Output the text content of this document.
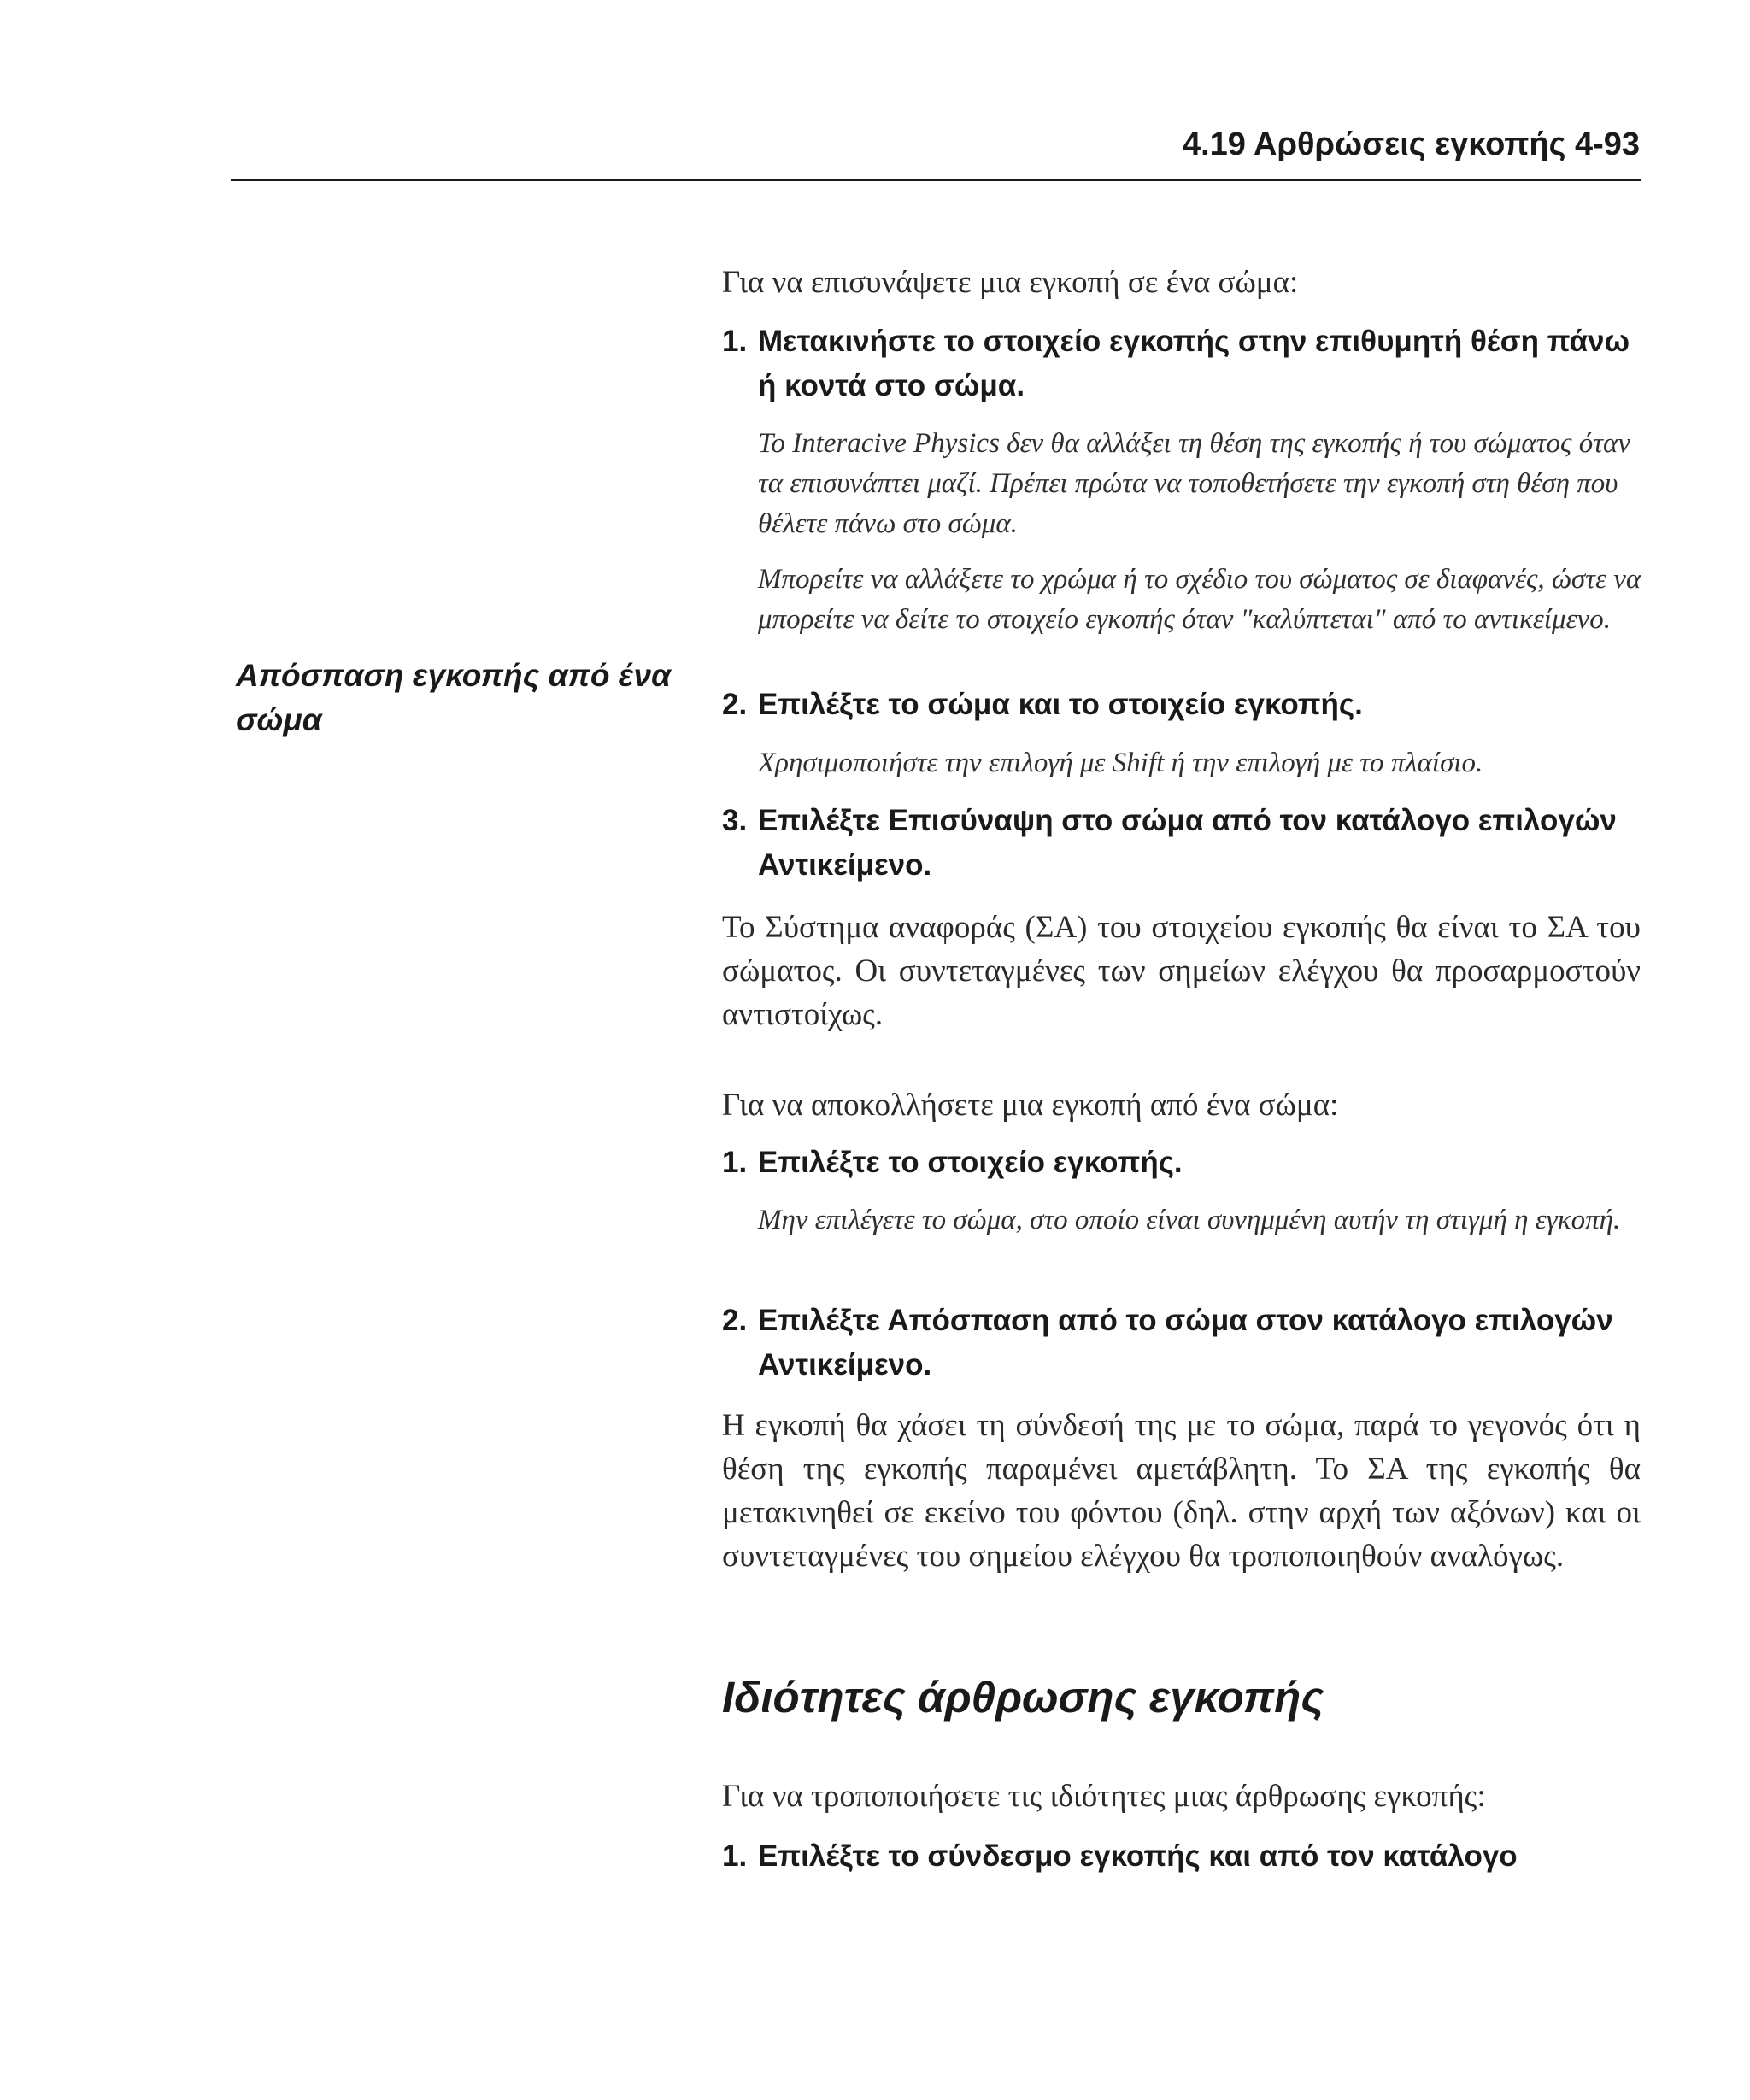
4.19 Αρθρώσεις εγκοπής 4-93

Απόσπαση εγκοπής από ένα σώμα

Για να επισυνάψετε μια εγκοπή σε ένα σώμα:

1. Μετακινήστε το στοιχείο εγκοπής στην επιθυμητή θέση πάνω ή κοντά στο σώμα.

Το Interacive Physics δεν θα αλλάξει τη θέση της εγκοπής ή του σώματος όταν τα επισυνάπτει μαζί. Πρέπει πρώτα να τοποθετήσετε την εγκοπή στη θέση που θέλετε πάνω στο σώμα.

Μπορείτε να αλλάξετε το χρώμα ή το σχέδιο του σώματος σε διαφανές, ώστε να μπορείτε να δείτε το στοιχείο εγκοπής όταν "καλύπτεται" από το αντικείμενο.

2. Επιλέξτε το σώμα και το στοιχείο εγκοπής.

Χρησιμοποιήστε την επιλογή με Shift ή την επιλογή με το πλαίσιο.

3. Επιλέξτε Επισύναψη στο σώμα από τον κατάλογο επιλογών Αντικείμενο.

Το Σύστημα αναφοράς (ΣΑ) του στοιχείου εγκοπής θα είναι το ΣΑ του σώματος. Οι συντεταγμένες των σημείων ελέγχου θα προσαρμοστούν αντιστοίχως.

Για να αποκολλήσετε μια εγκοπή από ένα σώμα:

1. Επιλέξτε το στοιχείο εγκοπής.

Μην επιλέγετε το σώμα, στο οποίο είναι συνημμένη αυτήν τη στιγμή η εγκοπή.

2. Επιλέξτε Απόσπαση από το σώμα στον κατάλογο επιλογών Αντικείμενο.

Η εγκοπή θα χάσει τη σύνδεσή της με το σώμα, παρά το γεγονός ότι η θέση της εγκοπής παραμένει αμετάβλητη. Το ΣΑ της εγκοπής θα μετακινηθεί σε εκείνο του φόντου (δηλ. στην αρχή των αξόνων) και οι συντεταγμένες του σημείου ελέγχου θα τροποποιηθούν αναλόγως.

Ιδιότητες άρθρωσης εγκοπής

Για να τροποποιήσετε τις ιδιότητες μιας άρθρωσης εγκοπής:

1. Επιλέξτε το σύνδεσμο εγκοπής και από τον κατάλογο
